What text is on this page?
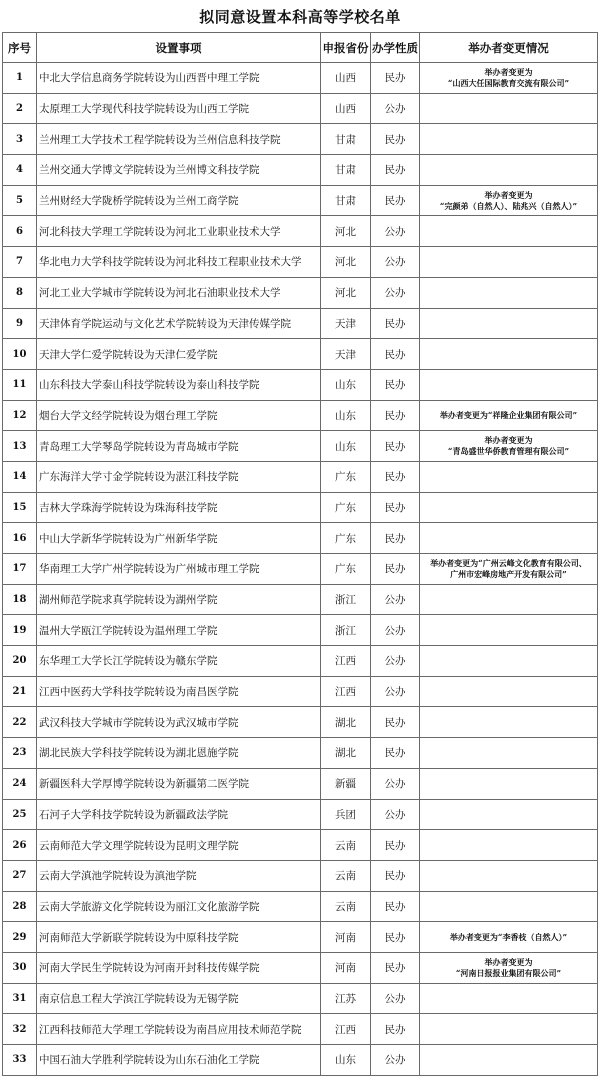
拟同意设置本科高等学校名单
序号	设置事项	申报省份	办学性质	举办者变更情况
1	中北大学信息商务学院转设为山西晋中理工学院	山西	民办	举办者变更为
“山西大任国际教育交流有限公司”

2	太原理工大学现代科技学院转设为山西工学院	山西	公办	
3	兰州理工大学技术工程学院转设为兰州信息科技学院	甘肃	民办	
4	兰州交通大学博文学院转设为兰州博文科技学院	甘肃	民办	
5	兰州财经大学陇桥学院转设为兰州工商学院	甘肃	民办	举办者变更为
“完颜弟（自然人）、陆兆兴（自然人）”

6	河北科技大学理工学院转设为河北工业职业技术大学	河北	公办	
7	华北电力大学科技学院转设为河北科技工程职业技术大学	河北	公办	
8	河北工业大学城市学院转设为河北石油职业技术大学	河北	公办	
9	天津体育学院运动与文化艺术学院转设为天津传媒学院	天津	民办	
10	天津大学仁爱学院转设为天津仁爱学院	天津	民办	
11	山东科技大学泰山科技学院转设为泰山科技学院	山东	民办	
12	烟台大学文经学院转设为烟台理工学院	山东	民办	举办者变更为“祥隆企业集团有限公司”

13	青岛理工大学琴岛学院转设为青岛城市学院	山东	民办	举办者变更为
“青岛盛世华侨教育管理有限公司”

14	广东海洋大学寸金学院转设为湛江科技学院	广东	民办	
15	吉林大学珠海学院转设为珠海科技学院	广东	民办	
16	中山大学新华学院转设为广州新华学院	广东	民办	
17	华南理工大学广州学院转设为广州城市理工学院	广东	民办	举办者变更为“广州云峰文化教育有限公司、
广州市宏峰房地产开发有限公司”

18	湖州师范学院求真学院转设为湖州学院	浙江	公办	
19	温州大学瓯江学院转设为温州理工学院	浙江	公办	
20	东华理工大学长江学院转设为赣东学院	江西	公办	
21	江西中医药大学科技学院转设为南昌医学院	江西	公办	
22	武汉科技大学城市学院转设为武汉城市学院	湖北	民办	
23	湖北民族大学科技学院转设为湖北恩施学院	湖北	民办	
24	新疆医科大学厚博学院转设为新疆第二医学院	新疆	公办	
25	石河子大学科技学院转设为新疆政法学院	兵团	公办	
26	云南师范大学文理学院转设为昆明文理学院	云南	民办	
27	云南大学滇池学院转设为滇池学院	云南	民办	
28	云南大学旅游文化学院转设为丽江文化旅游学院	云南	民办	
29	河南师范大学新联学院转设为中原科技学院	河南	民办	举办者变更为“李香枝（自然人）”

30	河南大学民生学院转设为河南开封科技传媒学院	河南	民办	举办者变更为
“河南日报报业集团有限公司”

31	南京信息工程大学滨江学院转设为无锡学院	江苏	公办	
32	江西科技师范大学理工学院转设为南昌应用技术师范学院	江西	民办	
33	中国石油大学胜利学院转设为山东石油化工学院	山东	公办	
